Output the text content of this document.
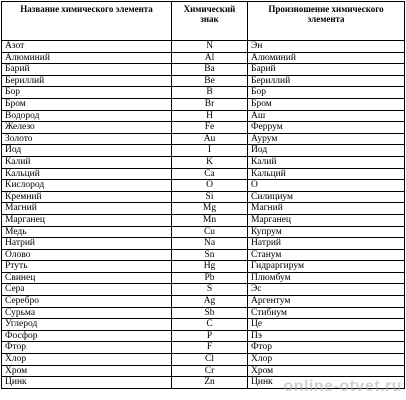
Название химического элемента	Химический знак	Произношение химического элемента
Азот	N	Эн
Алюминий	Al	Алюминий
Барий	Ba	Барий
Бериллий	Be	Бериллий
Бор	B	Бор
Бром	Br	Бром
Водород	H	Аш
Железо	Fe	Феррум
Золото	Au	Аурум
Йод	I	Йод
Калий	K	Калий
Кальций	Ca	Кальций
Кислород	O	О
Кремний	Si	Силициум
Магний	Mg	Магний
Марганец	Mn	Марганец
Медь	Cu	Купрум
Натрий	Na	Натрий
Олово	Sn	Станум
Ртуть	Hg	Гидраргирум
Свинец	Pb	Плюмбум
Сера	S	Эс
Серебро	Ag	Аргентум
Сурьма	Sb	Стибиум
Углерод	C	Це
Фосфор	P	Пэ
Фтор	F	Фтор
Хлор	Cl	Хлор
Хром	Cr	Хром
Цинк	Zn	Цинк online-otvet.ru
